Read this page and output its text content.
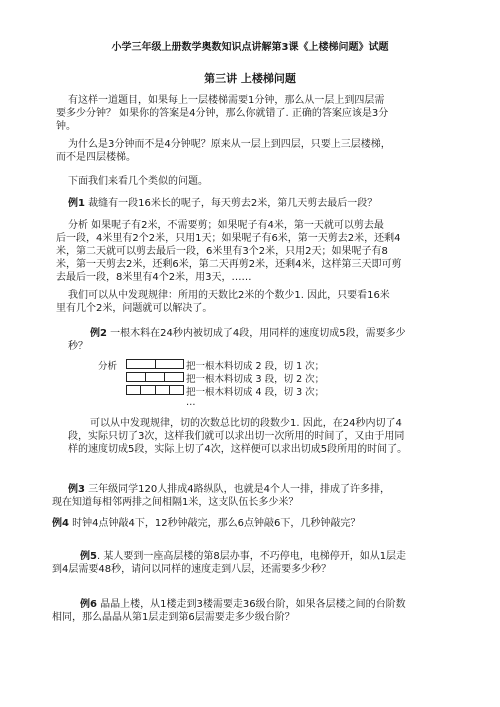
小学三年级上册数学奥数知识点讲解第3课《上楼梯问题》试题
第三讲 上楼梯问题
有这样一道题目，如果每上一层楼梯需要1分钟，那么从一层上到四层需
要多少分钟？ 如果你的答案是4分钟，那么你就错了. 正确的答案应该是3分
钟。
为什么是3分钟而不是4分钟呢？原来从一层上到四层，只要上三层楼梯，
而不是四层楼梯。
下面我们来看几个类似的问题。
例1 裁缝有一段16米长的呢子，每天剪去2米，第几天剪去最后一段？
分析 如果呢子有2米，不需要剪；如果呢子有4米，第一天就可以剪去最
后一段，4米里有2个2米，只用1天；如果呢子有6米，第一天剪去2米，还剩4
米，第二天就可以剪去最后一段，6米里有3个2米，只用2天；如果呢子有8
米，第一天剪去2米，还剩6米，第二天再剪2米，还剩4米，这样第三天即可剪
去最后一段，8米里有4个2米，用3天，……
我们可以从中发现规律：所用的天数比2米的个数少1. 因此，只要看16米
里有几个2米，问题就可以解决了。
例2 一根木料在24秒内被切成了4段，用同样的速度切成5段，需要多少
秒？
分析	把一根木料切成 2 段，切 1 次；
把一根木料切成 3 段，切 2 次；
把一根木料切成 4 段，切 3 次；
…
可以从中发现规律，切的次数总比切的段数少1. 因此，在24秒内切了4
段，实际只切了3次，这样我们就可以求出切一次所用的时间了，又由于用同
样的速度切成5段，实际上切了4次，这样便可以求出切成5段所用的时间了。
例3 三年级同学120人排成4路纵队，也就是4个人一排，排成了许多排，
现在知道每相邻两排之间相隔1米，这支队伍长多少米？
例4 时钟4点钟敲4下，12秒钟敲完，那么6点钟敲6下，几秒钟敲完？
例5. 某人要到一座高层楼的第8层办事，不巧停电，电梯停开，如从1层走
到4层需要48秒，请问以同样的速度走到八层，还需要多少秒？
例6 晶晶上楼，从1楼走到3楼需要走36级台阶，如果各层楼之间的台阶数
相同，那么晶晶从第1层走到第6层需要走多少级台阶？
